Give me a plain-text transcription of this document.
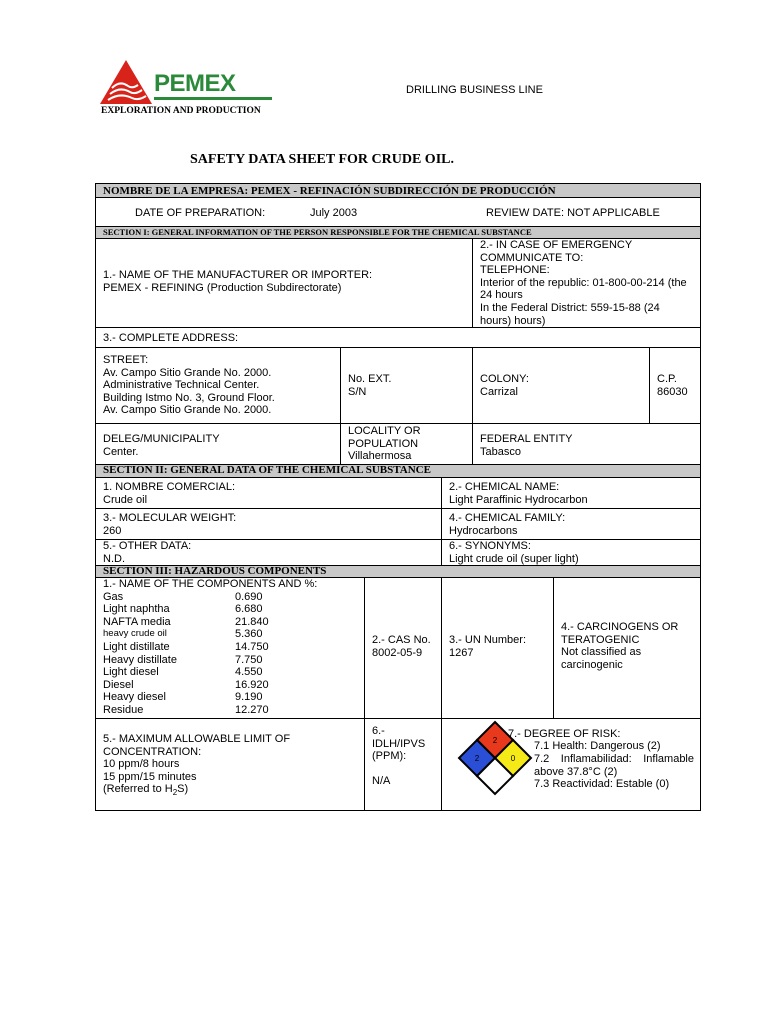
PEMEX
EXPLORATION AND PRODUCTION
DRILLING BUSINESS LINE
SAFETY DATA SHEET FOR CRUDE OIL.
NOMBRE DE LA EMPRESA: PEMEX - REFINACIÓN SUBDIRECCIÓN DE PRODUCCIÓN
DATE OF PREPARATION:	July 2003	REVIEW DATE: NOT APPLICABLE
SECTION I: GENERAL INFORMATION OF THE PERSON RESPONSIBLE FOR THE CHEMICAL SUBSTANCE
1.- NAME OF THE MANUFACTURER OR IMPORTER:
PEMEX - REFINING (Production Subdirectorate)
2.- IN CASE OF EMERGENCY COMMUNICATE TO:
TELEPHONE:
Interior of the republic: 01-800-00-214 (the 24 hours
In the Federal District: 559-15-88 (24 hours) hours)
3.- COMPLETE ADDRESS:
STREET:
Av. Campo Sitio Grande No. 2000.
Administrative Technical Center.
Building Istmo No. 3, Ground Floor.
Av. Campo Sitio Grande No. 2000.
No. EXT.
S/N
COLONY:
Carrizal
C.P.
86030
DELEG/MUNICIPALITY
Center.
LOCALITY OR POPULATION
Villahermosa
FEDERAL ENTITY
Tabasco
SECTION II: GENERAL DATA OF THE CHEMICAL SUBSTANCE
1. NOMBRE COMERCIAL:
Crude oil
2.- CHEMICAL NAME:
Light Paraffinic Hydrocarbon
3.- MOLECULAR WEIGHT:
260
4.- CHEMICAL FAMILY:
Hydrocarbons
5.- OTHER DATA:
N.D.
6.- SYNONYMS:
Light crude oil (super light)
SECTION III: HAZARDOUS COMPONENTS
1.- NAME OF THE COMPONENTS AND %:
Gas	0.690
Light naphtha	6.680
NAFTA media	21.840
heavy crude oil	5.360
Light distillate	14.750
Heavy distillate	7.750
Light diesel	4.550
Diesel	16.920
Heavy diesel	9.190
Residue	12.270
2.- CAS No.
8002-05-9
3.- UN Number:
1267
4.- CARCINOGENS OR TERATOGENIC
Not classified as carcinogenic
5.- MAXIMUM ALLOWABLE LIMIT OF CONCENTRATION:
10 ppm/8 hours
15 ppm/15 minutes
(Referred to $H_2S$)
6.-
IDLH/IPVS
(PPM):

N/A
2
2	0
7.- DEGREE OF RISK:
7.1 Health: Dangerous (2)
7.2 Inflamabilidad: Inflamable above 37.8°C (2)
7.3 Reactividad: Estable (0)
